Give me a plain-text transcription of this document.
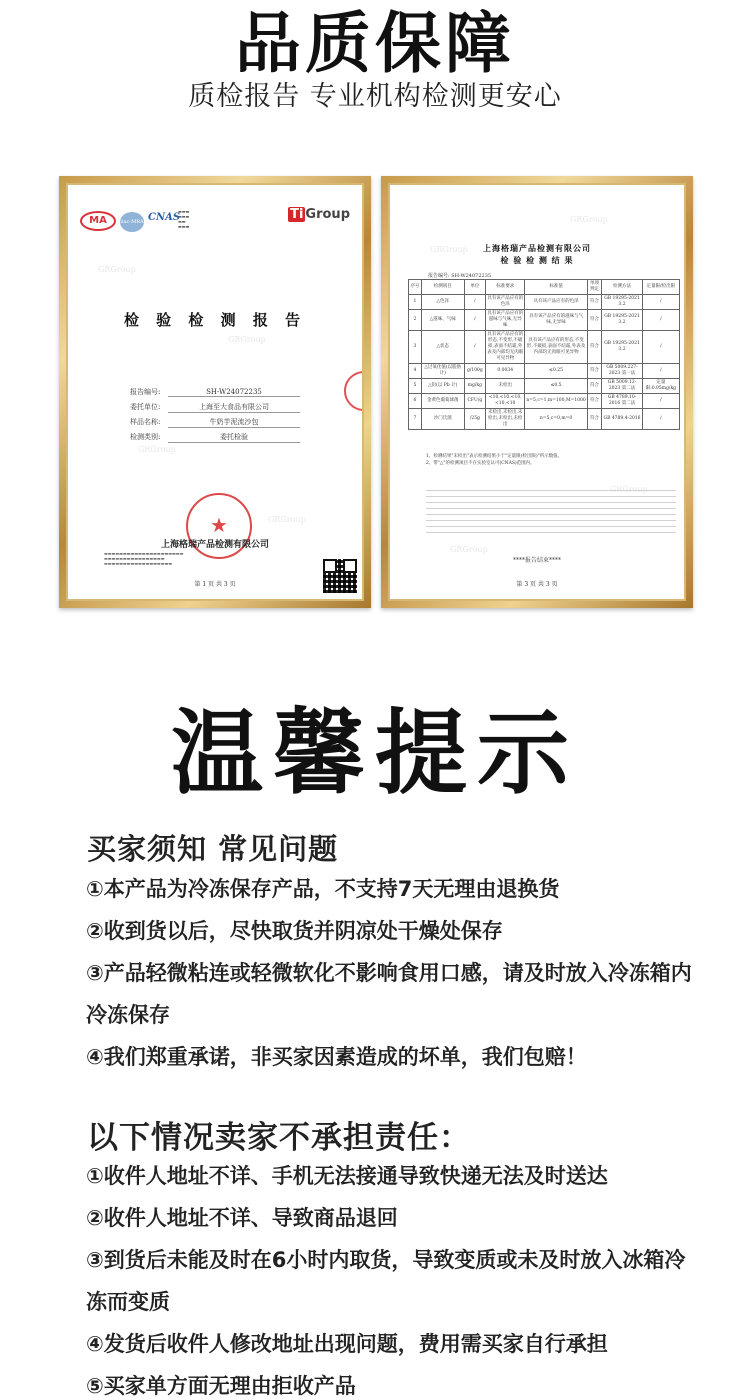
品质保障
质检报告 专业机构检测更安心
GRGroup
GRGroup
GRGroup
GRGroup
MA	ilac-MRA CNAS
▬▬▬
▬▬▬
▬▬
▬▬▬
Ti Group
检 验 检 测 报 告
报告编号:	SH-W24072235
委托单位:	上海至大食品有限公司
样品名称:	牛奶芋泥流沙包
检测类别:	委托检验
★
上海格瑞产品检测有限公司
▬▬▬▬▬▬▬▬▬▬▬▬▬▬▬▬▬▬▬▬▬
▬▬▬▬▬▬▬▬▬▬▬▬▬▬▬▬
▬▬▬▬▬▬▬▬▬▬▬▬▬▬▬▬▬▬
第 1 页 共 3 页
GRGroup
GRGroup
GRGroup
上海格瑞产品检测有限公司
检 验 检 测 结 果
报告编号: SH-W24072235
序号	检测项目	单位	标准要求	标准值	单项判定	检测方法	定量限/检出限
1	△色泽	/	具有该产品应有的色泽	具有该产品应有的色泽	符合	GB 19295-2021 3.2	/
2	△滋味、气味	/	具有该产品应有的滋味与气味,无异味	具有该产品应有的滋味与气味,无异味	符合	GB 19295-2021 3.2	/
3	△状态	/	具有该产品应有的形态,不变形,不破损,表面不结霜,外表及内部均无肉眼可见异物	具有该产品应有的形态,不变形,不破损,表面不结霜,外表及内部均无肉眼可见异物	符合	GB 19295-2021 3.2	/
4	△过氧化值(以脂肪计)	g/100g	0.0034	≤0.25	符合	GB 5009.227-2023 第一法	/
5	△铅(以 Pb 计)	mg/kg	未检出	≤0.5	符合	GB 5009.12-2023 第二法	定量限:0.05mg/kg
6	金黄色葡萄球菌	CFU/g	<10,<10,<10,<10,<10	n=5,c=1,m=100,M=1000	符合	GB 4789.10-2016 第二法	/
7	沙门氏菌	/25g	未检出,未检出,未检出,未检出,未检出	n=5,c=0,m=0	符合	GB 4789.4-2016	/
1、检测结果"未检出"表示检测结果小于"定量限(检出限)"所示数值。
2、带"△"的检测项目不在实验室认可(CNAS)范围内。
****报告结束****
第 3 页 共 3 页
温馨提示
买家须知 常见问题
①本产品为冷冻保存产品，不支持7天无理由退换货
②收到货以后，尽快取货并阴凉处干燥处保存
③产品轻微粘连或轻微软化不影响食用口感，请及时放入冷冻箱内冷冻保存
④我们郑重承诺，非买家因素造成的坏单，我们包赔！
以下情况卖家不承担责任：
①收件人地址不详、手机无法接通导致快递无法及时送达
②收件人地址不详、导致商品退回
③到货后未能及时在6小时内取货，导致变质或未及时放入冰箱冷冻而变质
④发货后收件人修改地址出现问题，费用需买家自行承担
⑤买家单方面无理由拒收产品
